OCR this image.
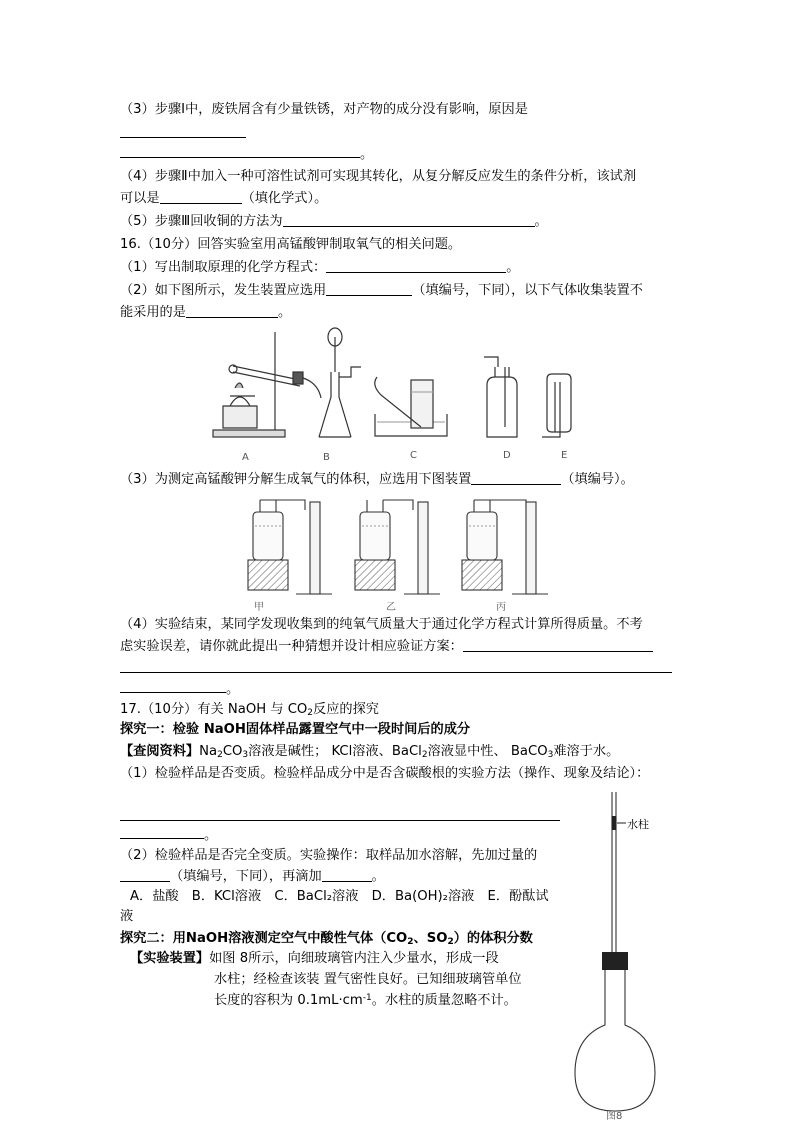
（3）步骤Ⅰ中，废铁屑含有少量铁锈，对产物的成分没有影响，原因是
。
（4）步骤Ⅱ中加入一种可溶性试剂可实现其转化，从复分解反应发生的条件分析，该试剂
可以是	（填化学式）。
（5）步骤Ⅲ回收铜的方法为	。
16.（10分）回答实验室用高锰酸钾制取氧气的相关问题。
（1）写出制取原理的化学方程式：	。
（2）如下图所示，发生装置应选用	（填编号，下同），以下气体收集装置不
能采用的是	。
A	B	C	D	E
（3）为测定高锰酸钾分解生成氧气的体积，应选用下图装置	（填编号）。
甲	乙	丙
（4）实验结束，某同学发现收集到的纯氧气质量大于通过化学方程式计算所得质量。不考
虑实验误差，请你就此提出一种猜想并设计相应验证方案：
。
17.（10分）有关 NaOH 与 $CO_2$反应的探究
探究一：检验 NaOH固体样品露置空气中一段时间后的成分
【查阅资料】$Na_2CO_3$溶液是碱性； KCl溶液、BaCl$_2$溶液显中性、 BaCO$_3$难溶于水。
（1）检验样品是否变质。检验样品成分中是否含碳酸根的实验方法（操作、现象及结论）：
。
（2）检验样品是否完全变质。实验操作：取样品加水溶解，先加过量的
（填编号，下同），再滴加	。
A．盐酸　B．KCl溶液　C．BaCl₂溶液　D．Ba(OH)₂溶液　E．酚酞试
液
探究二：用NaOH溶液测定空气中酸性气体（$CO_2$、$SO_2$）的体积分数
【实验装置】如图 8所示，向细玻璃管内注入少量水，形成一段
水柱；经检查该装 置气密性良好。已知细玻璃管单位
长度的容积为 $0.1mL\cdot cm^{-1}$。水柱的质量忽略不计。
水柱
图8
